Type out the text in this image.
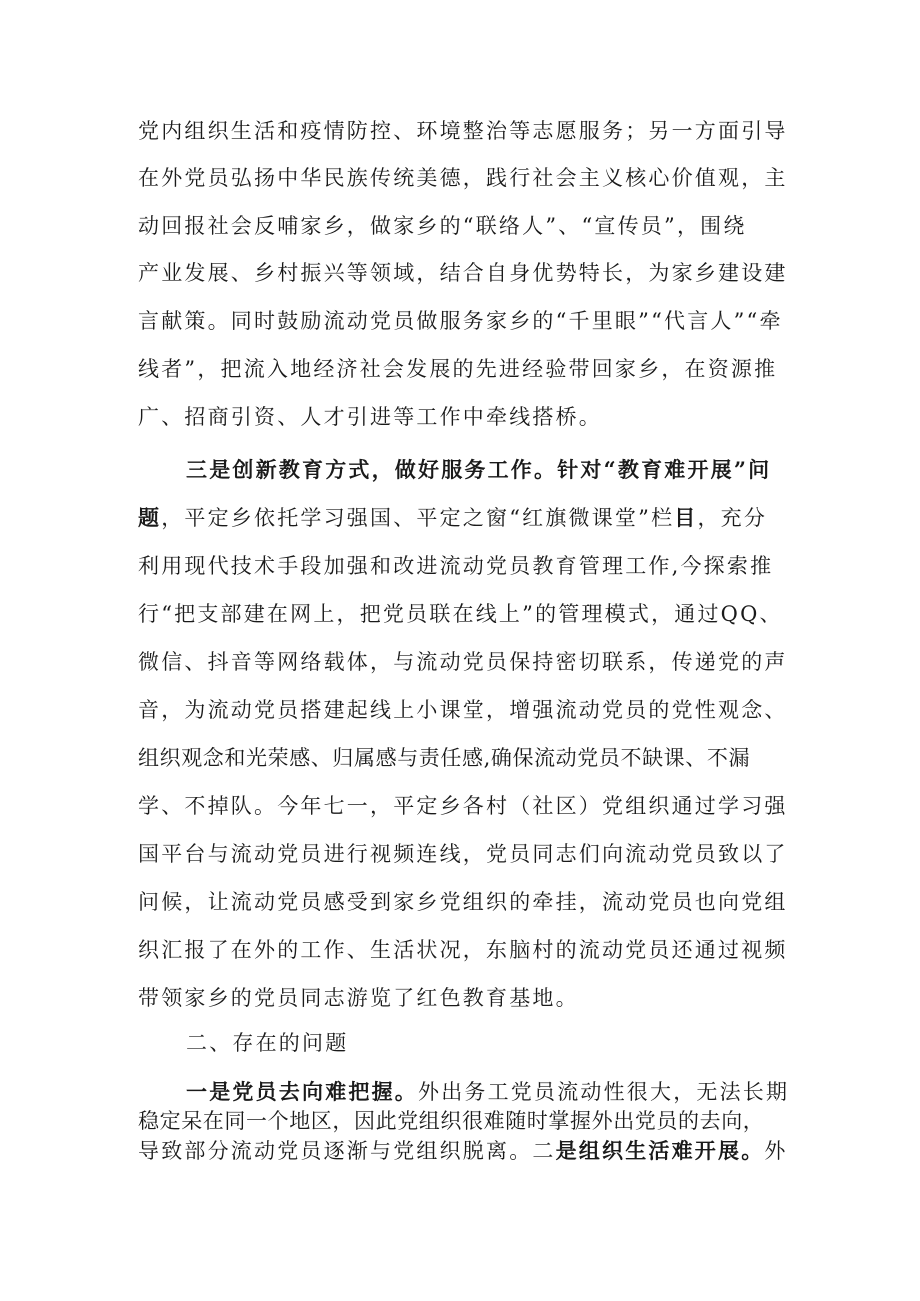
党内组织生活和疫情防控、环境整治等志愿服务；另一方面引导
在外党员弘扬中华民族传统美德，践行社会主义核心价值观，主
动回报社会反哺家乡，做家乡的“联络人”、“宣传员”，围绕
产业发展、乡村振兴等领域，结合自身优势特长，为家乡建设建
言献策。同时鼓励流动党员做服务家乡的“千里眼”“代言人”“牵
线者”，把流入地经济社会发展的先进经验带回家乡，在资源推
广、招商引资、人才引进等工作中牵线搭桥。
三是创新教育方式，做好服务工作。针对“教育难开展”问
题，平定乡依托学习强国、平定之窗“红旗微课堂”栏目，充分
利用现代技术手段加强和改进流动党员教育管理工作,今探索推
行“把支部建在网上，把党员联在线上”的管理模式，通过QQ、
微信、抖音等网络载体，与流动党员保持密切联系，传递党的声
音，为流动党员搭建起线上小课堂，增强流动党员的党性观念、
组织观念和光荣感、归属感与责任感,确保流动党员不缺课、不漏
学、不掉队。今年七一，平定乡各村（社区）党组织通过学习强
国平台与流动党员进行视频连线，党员同志们向流动党员致以了
问候，让流动党员感受到家乡党组织的牵挂，流动党员也向党组
织汇报了在外的工作、生活状况，东脑村的流动党员还通过视频
带领家乡的党员同志游览了红色教育基地。
二、存在的问题
一是党员去向难把握。外出务工党员流动性很大，无法长期
稳定呆在同一个地区，因此党组织很难随时掌握外出党员的去向，
导致部分流动党员逐渐与党组织脱离。二是组织生活难开展。外
